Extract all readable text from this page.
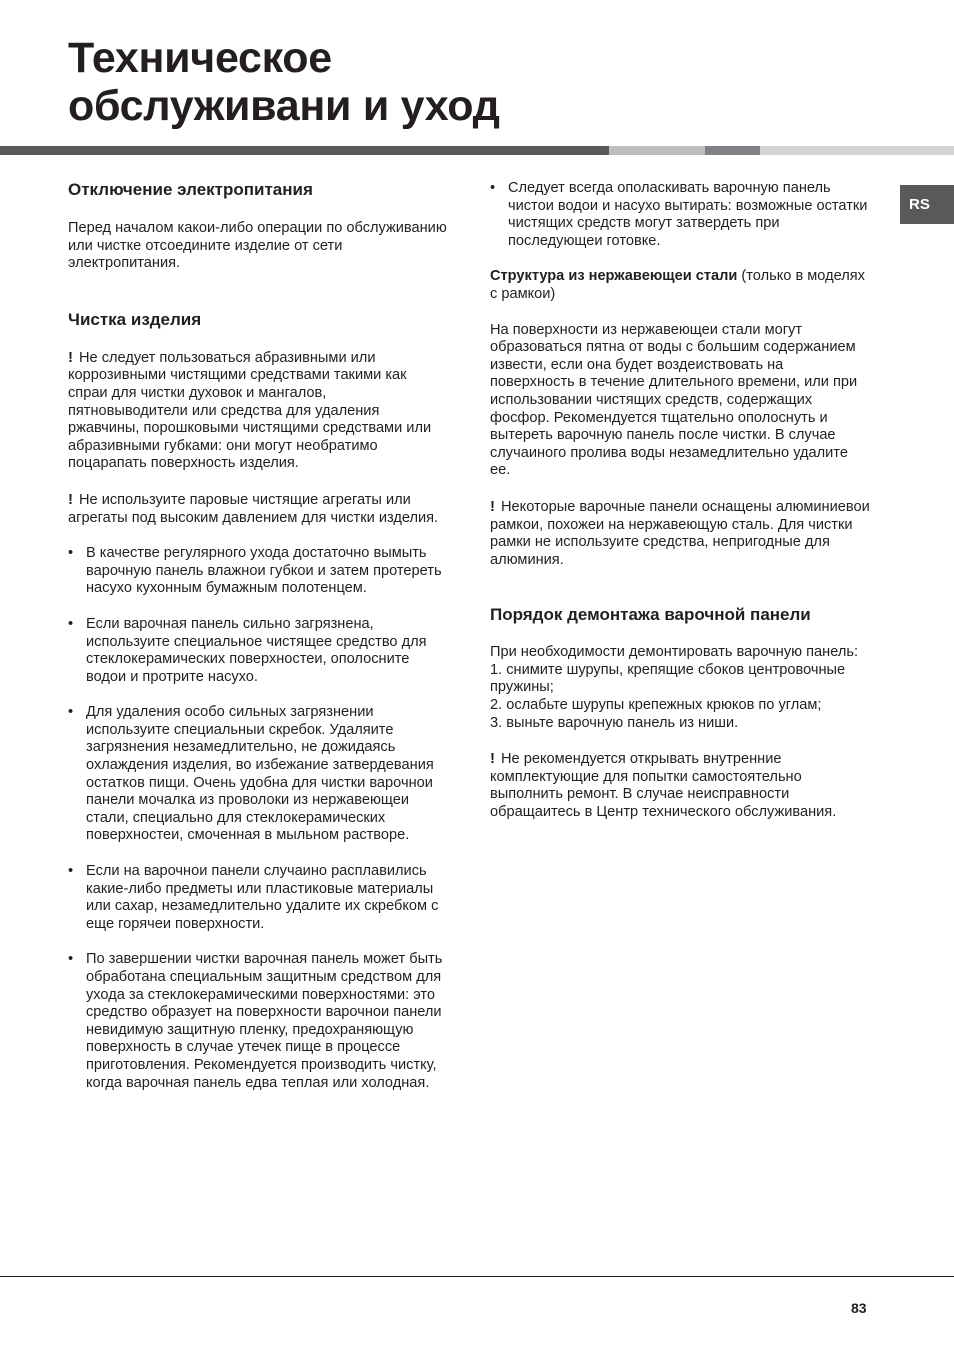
Техническое
обслуживани и уход
RS
Отключение электропитания
Перед началом какои-либо операции по обслуживанию или чистке отсоедините изделие от сети электропитания.
Чистка изделия
! Не следует пользоваться абразивными или коррозивными чистящими средствами такими как спраи для чистки духовок и мангалов, пятновыводители или средства для удаления ржавчины, порошковыми чистящими средствами или абразивными губками: они могут необратимо поцарапать поверхность изделия.
! Не используите паровые чистящие агрегаты или агрегаты под высоким давлением для чистки изделия.
• В качестве регулярного ухода достаточно вымыть варочную панель влажнои губкои и затем протереть насухо кухонным бумажным полотенцем.
• Если варочная панель сильно загрязнена, используите специальное чистящее средство для стеклокерамических поверхностеи, ополосните водои и протрите насухо.
• Для удаления особо сильных загрязнении используите специальныи скребок. Удаляите загрязнения незамедлительно, не дожидаясь охлаждения изделия, во избежание затвердевания остатков пищи. Очень удобна для чистки варочнои панели мочалка из проволоки из нержавеющеи стали, специально для стеклокерамических поверхностеи, смоченная в мыльном растворе.
• Если на варочнои панели случаино расплавились какие-либо предметы или пластиковые материалы или сахар, незамедлительно удалите их скребком с еще горячеи поверхности.
• По завершении чистки варочная панель может быть обработана специальным защитным средством для ухода за стеклокерамическими поверхностями: это средство образует на поверхности варочнои панели невидимую защитную пленку, предохраняющую поверхность в случае утечек пище в процессе приготовления. Рекомендуется производить чистку, когда варочная панель едва теплая или холодная.
• Следует всегда ополаскивать варочную панель чистои водои и насухо вытирать: возможные остатки чистящих средств могут затвердеть при последующеи готовке.
Структура из нержавеющеи стали (только в моделях с рамкои)
На поверхности из нержавеющеи стали могут образоваться пятна от воды с большим содержанием извести, если она будет воздеиствовать на поверхность в течение длительного времени, или при использовании чистящих средств, содержащих фосфор. Рекомендуется тщательно ополоснуть и вытереть варочную панель после чистки. В случае случаиного пролива воды незамедлительно удалите ее.
! Некоторые варочные панели оснащены алюминиевои рамкои, похожеи на нержавеющую сталь. Для чистки рамки не используите средства, непригодные для алюминия.
Порядок демонтажа варочной панели
При необходимости демонтировать варочную панель:
1. снимите шурупы, крепящие сбоков центровочные пружины;
2. ослабьте шурупы крепежных крюков по углам;
3. выньте варочную панель из ниши.
! Не рекомендуется открывать внутренние комплектующие для попытки самостоятельно выполнить ремонт. В случае неисправности обращаитесь в Центр технического обслуживания.
83
